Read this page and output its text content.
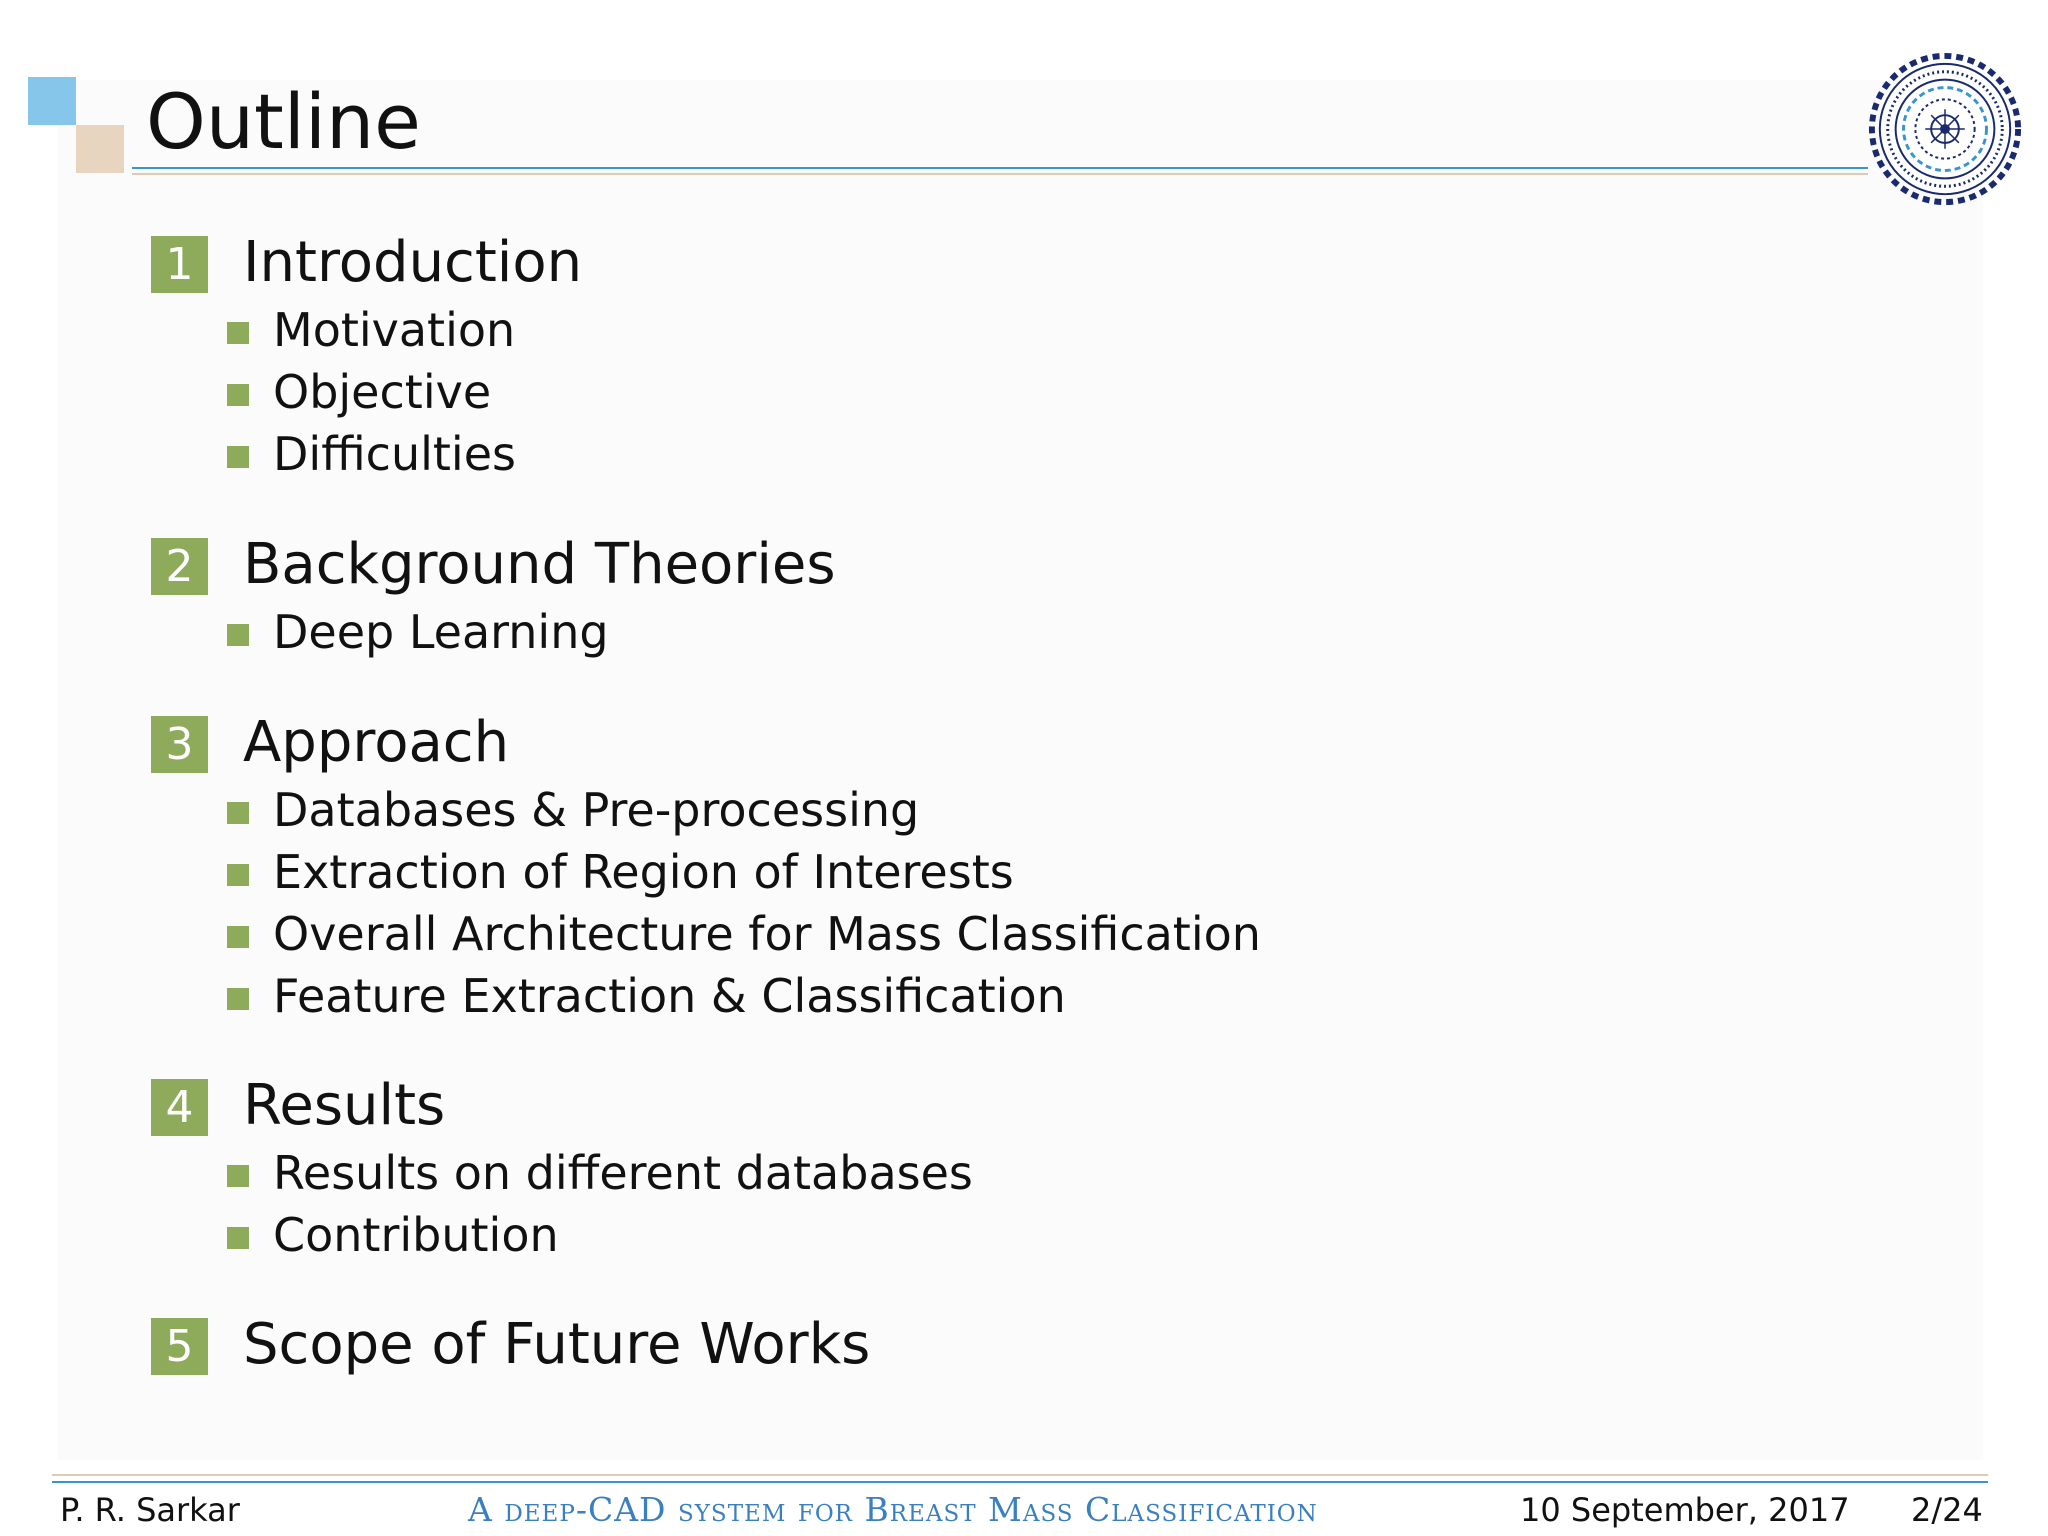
Outline
1 Introduction
Motivation
Objective
Difficulties
2 Background Theories
Deep Learning
3 Approach
Databases & Pre-processing
Extraction of Region of Interests
Overall Architecture for Mass Classification
Feature Extraction & Classification
4 Results
Results on different databases
Contribution
5 Scope of Future Works
P. R. Sarkar	A deep-CAD system for Breast Mass Classification	10 September, 2017 2/24
